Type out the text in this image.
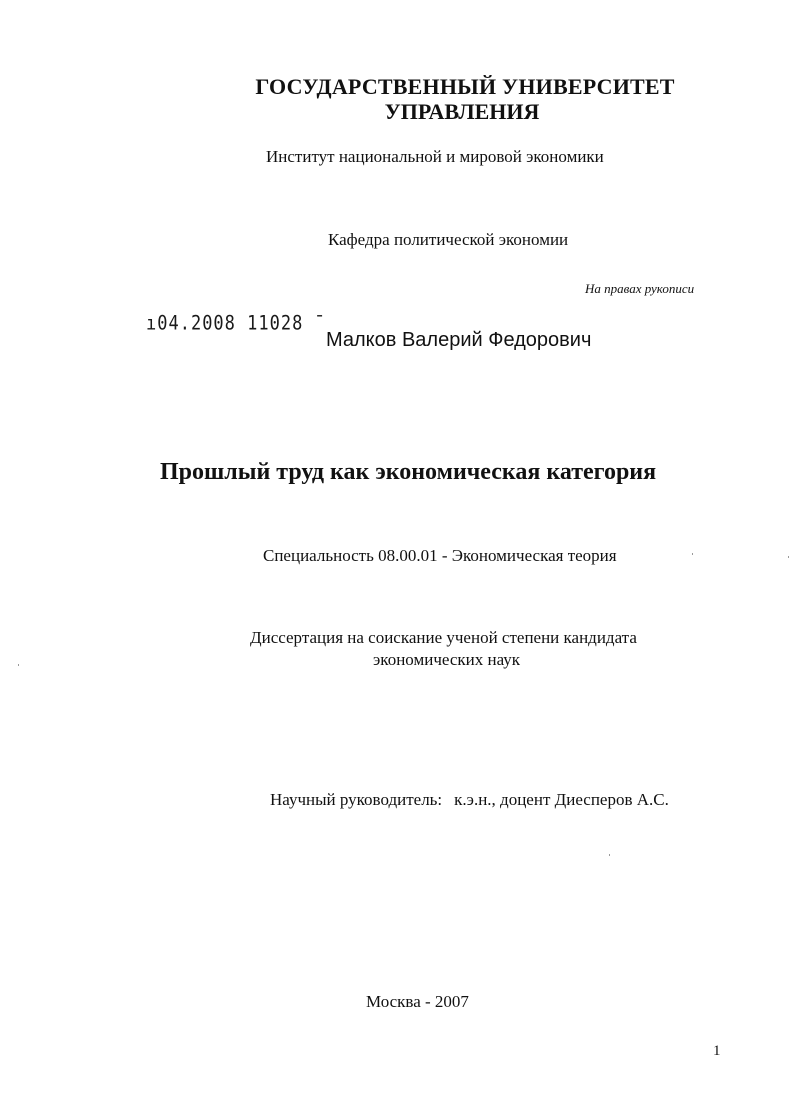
ГОСУДАРСТВЕННЫЙ УНИВЕРСИТЕТ
УПРАВЛЕНИЯ
Институт национальной и мировой экономики
Кафедра политической экономии
На правах рукописи
ı04.2008 11028 ˉ
Малков Валерий Федорович
Прошлый труд как экономическая категория
Специальность 08.00.01 - Экономическая теория
Диссертация на соискание ученой степени кандидата
экономических наук
Научный руководитель: к.э.н., доцент Диесперов А.С.
Москва - 2007
1
